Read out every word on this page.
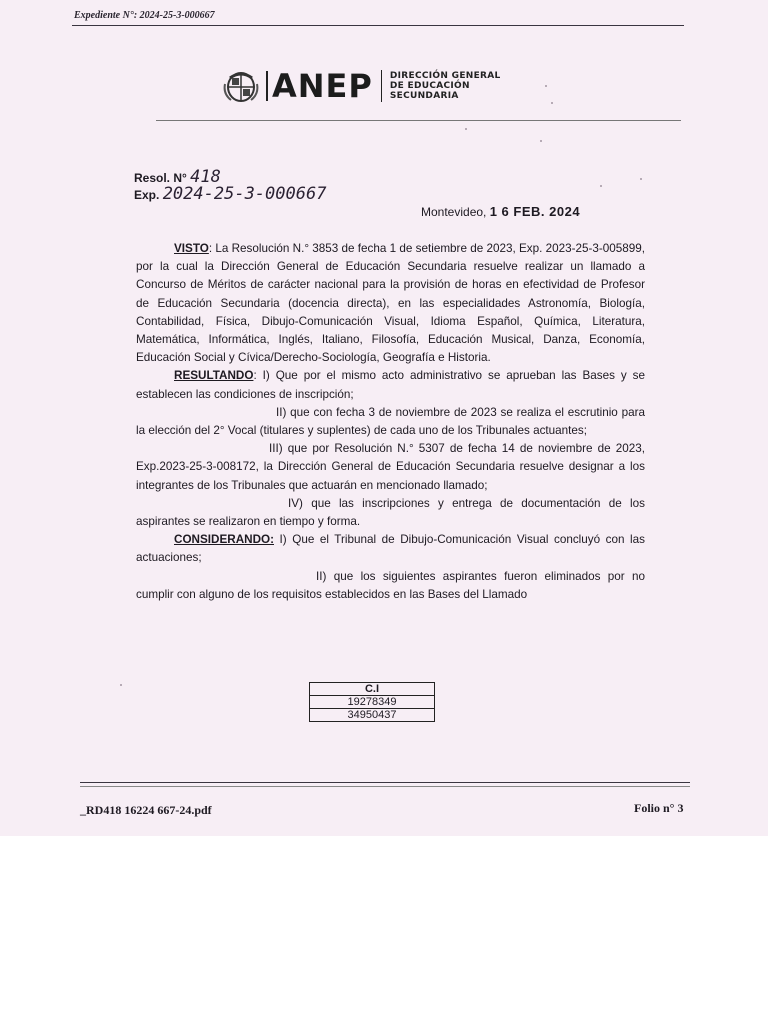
Expediente N°: 2024-25-3-000667
ANEP DIRECCIÓN GENERAL
DE EDUCACIÓN
SECUNDARIA
Resol. N° 418
Exp. 2024-25-3-000667
Montevideo, 1 6 FEB. 2024

VISTO: La Resolución N.° 3853 de fecha 1 de setiembre de 2023, Exp. 2023-25-3-005899, por la cual la Dirección General de Educación Secundaria resuelve realizar un llamado a Concurso de Méritos de carácter nacional para la provisión de horas en efectividad de Profesor de Educación Secundaria (docencia directa), en las especialidades Astronomía, Biología, Contabilidad, Física, Dibujo-Comunicación Visual, Idioma Español, Química, Literatura, Matemática, Informática, Inglés, Italiano, Filosofía, Educación Musical, Danza, Economía, Educación Social y Cívica/Derecho-Sociología, Geografía e Historia.

RESULTANDO: I) Que por el mismo acto administrativo se aprueban las Bases y se establecen las condiciones de inscripción;

II) que con fecha 3 de noviembre de 2023 se realiza el escrutinio para la elección del 2° Vocal (titulares y suplentes) de cada uno de los Tribunales actuantes;

III) que por Resolución N.° 5307 de fecha 14 de noviembre de 2023, Exp.2023-25-3-008172, la Dirección General de Educación Secundaria resuelve designar a los integrantes de los Tribunales que actuarán en mencionado llamado;

IV) que las inscripciones y entrega de documentación de los aspirantes se realizaron en tiempo y forma.

CONSIDERANDO: I) Que el Tribunal de Dibujo-Comunicación Visual concluyó con las actuaciones;

II) que los siguientes aspirantes fueron eliminados por no cumplir con alguno de los requisitos establecidos en las Bases del Llamado

C.I
19278349
34950437
_RD418 16224 667-24.pdf	Folio n° 3
